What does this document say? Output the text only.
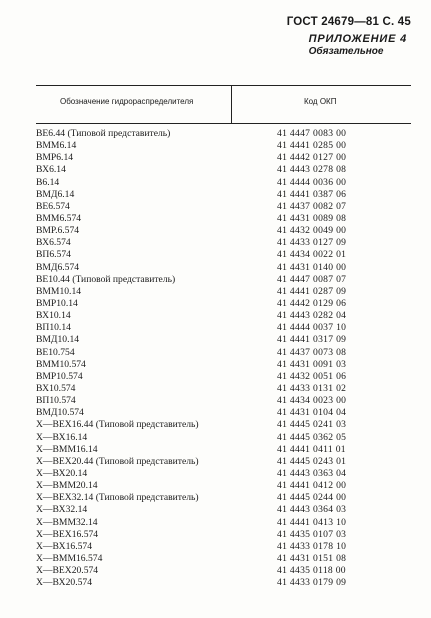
ГОСТ 24679—81 С. 45
ПРИЛОЖЕНИЕ 4
Обязательное
Обозначение гидрораспределителя	Код ОКП
ВЕ6.44 (Типовой представитель)	41 4447 0083 00
ВММ6.14	41 4441 0285 00
ВМР6.14	41 4442 0127 00
ВХ6.14	41 4443 0278 08
В6.14	41 4444 0036 00
ВМД6.14	41 4441 0387 06
ВЕ6.574	41 4437 0082 07
ВММ6.574	41 4431 0089 08
ВМР.6.574	41 4432 0049 00
ВХ6.574	41 4433 0127 09
ВП6.574	41 4434 0022 01
ВМД6.574	41 4431 0140 00
ВЕ10.44 (Типовой представитель)	41 4447 0087 07
ВММ10.14	41 4441 0287 09
ВМР10.14	41 4442 0129 06
ВХ10.14	41 4443 0282 04
ВП10.14	41 4444 0037 10
ВМД10.14	41 4441 0317 09
ВЕ10.754	41 4437 0073 08
ВММ10.574	41 4431 0091 03
ВМР10.574	41 4432 0051 06
ВХ10.574	41 4433 0131 02
ВП10.574	41 4434 0023 00
ВМД10.574	41 4431 0104 04
Х—ВЕХ16.44 (Типовой представитель)	41 4445 0241 03
Х—ВХ16.14	41 4445 0362 05
Х—ВММ16.14	41 4441 0411 01
Х—ВЕХ20.44 (Типовой представитель)	41 4445 0243 01
Х—ВХ20.14	41 4443 0363 04
Х—ВММ20.14	41 4441 0412 00
Х—ВЕХ32.14 (Типовой представитель)	41 4445 0244 00
Х—ВХ32.14	41 4443 0364 03
Х—ВММ32.14	41 4441 0413 10
Х—ВЕХ16.574	41 4435 0107 03
Х—ВХ16.574	41 4433 0178 10
Х—ВММ16.574	41 4431 0151 08
Х—ВЕХ20.574	41 4435 0118 00
Х—ВХ20.574	41 4433 0179 09
